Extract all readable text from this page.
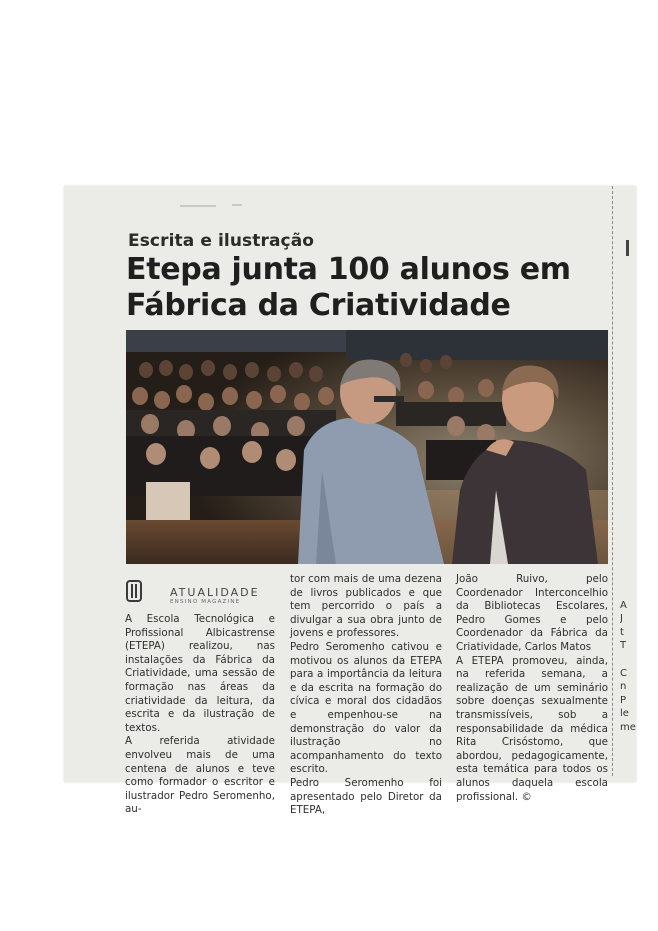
Escrita e ilustração
Etepa junta 100 alunos em Fábrica da Criatividade
ATUALIDADE
ENSINO MAGAZINE

A Escola Tecnológica e Profissional Albicastrense (ETEPA) realizou, nas instalações da Fábrica da Criatividade, uma sessão de formação nas áreas da criatividade da leitura, da escrita e da ilustração de textos.

A referida atividade envolveu mais de uma centena de alunos e teve como formador o escritor e ilustrador Pedro Seromenho, au-

tor com mais de uma dezena de livros publicados e que tem percorrido o país a divulgar a sua obra junto de jovens e professores.

Pedro Seromenho cativou e motivou os alunos da ETEPA para a importância da leitura e da escrita na formação do cívica e moral dos cidadãos e empenhou-se na demonstração do valor da ilustração no acompanhamento do texto escrito.

Pedro Seromenho foi apresentado pelo Diretor da ETEPA,

João Ruivo, pelo Coordenador Interconcelhio da Bibliotecas Escolares, Pedro Gomes e pelo Coordenador da Fábrica da Criatividade, Carlos Matos

A ETEPA promoveu, ainda, na referida semana, a realização de um seminário sobre doenças sexualmente transmissíveis, sob a responsabilidade da médica Rita Crisóstomo, que abordou, pedagogicamente, esta temática para todos os alunos daquela escola profissional. ©

A
J
t
T
C
n
P
le
me
